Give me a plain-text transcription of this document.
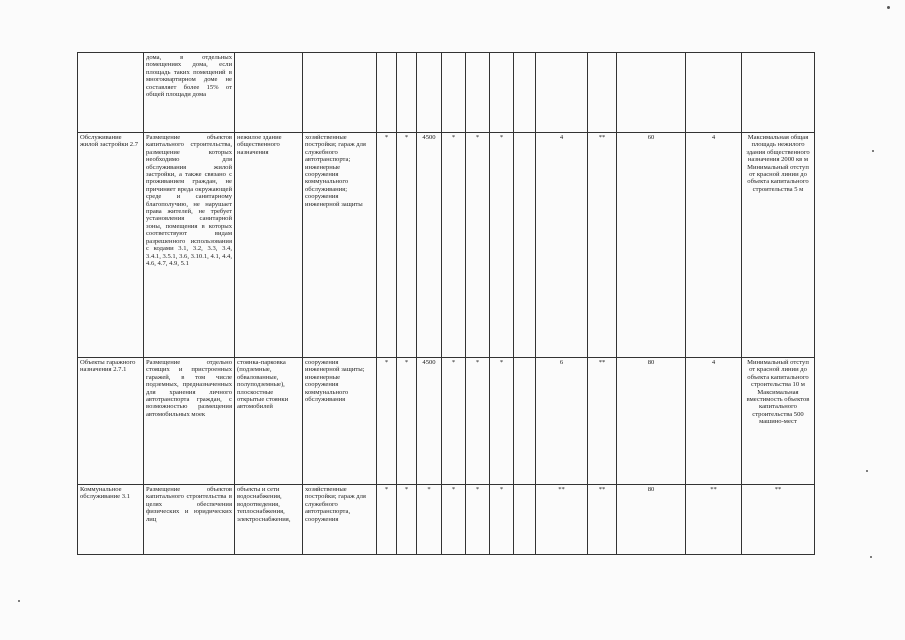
	дома, в отдельных помещениях дома, если площадь таких помещений в многоквартирном доме не составляет более 15% от общей площади дома														
Обслуживание жилой застройки 2.7	Размещение объектов капитального строительства, размещение которых необходимо для обслуживания жилой застройки, а также связано с проживанием граждан, не причиняет вреда окружающей среде и санитарному благополучию, не нарушает права жителей, не требует установления санитарной зоны, помещения в которых соответствуют видам разрешенного использования с кодами 3.1, 3.2, 3.3, 3.4, 3.4.1, 3.5.1, 3.6, 3.10.1, 4.1, 4.4, 4.6, 4.7, 4.9, 5.1	нежилое здание общественного назначения	хозяйственные постройки; гараж для служебного автотранспорта; инженерные сооружения коммунального обслуживания; сооружения инженерной защиты	*	*	4500	*	*	*		4	**	60	4	Максимальная общая площадь нежилого здания общественного назначения 2000 кв м Минимальный отступ от красной линии до объекта капитального строительства 5 м
Объекты гаражного назначения 2.7.1	Размещение отдельно стоящих и пристроенных гаражей, в том числе подземных, предназначенных для хранения личного автотранспорта граждан, с возможностью размещения автомобильных моек	стоянка-парковка (подземные, обвалованные, полуподземные), плоскостные открытые стоянки автомобилей	сооружения инженерной защиты; инженерные сооружения коммунального обслуживания	*	*	4500	*	*	*		6	**	80	4	Минимальный отступ от красной линии до объекта капитального строительства 10 м Максимальная вместимость объектов капитального строительства 500 машино-мест
Коммунальное обслуживание 3.1	Размещение объектов капитального строительства в целях обеспечения физических и юридических лиц	объекты и сети водоснабжения, водоотведения, теплоснабжения, электроснабжения,	хозяйственные постройки; гараж для служебного автотранспорта, сооружения	*	*	*	*	*	*		**	**	80	**	**
